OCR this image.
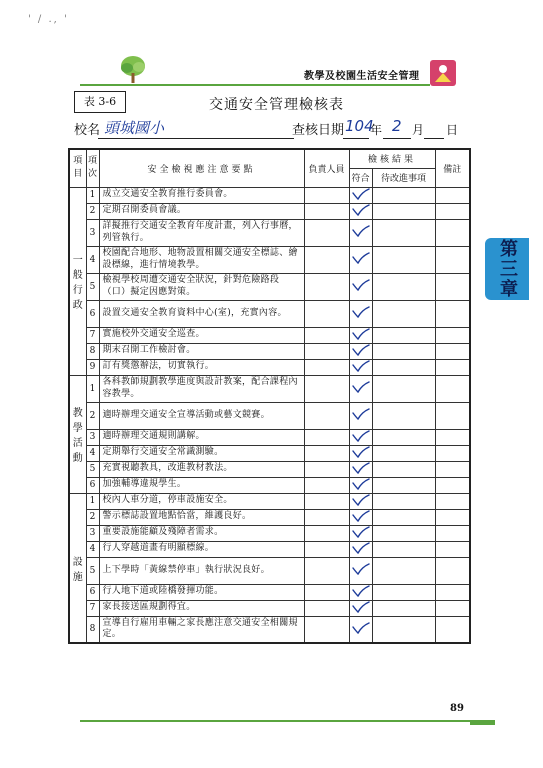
' / ., '
教學及校園生活安全管理
第三章
表 3-6	交通安全管理檢核表
校名 頭城國小	查核日期 104
年 2 月 日
項目	項次	安全檢視應注意要點	負責人員	檢核結果		備註
				符合	待改進事項	

一
般
行
政	1	成立交通安全教育推行委員會。				
	2	定期召開委員會議。				
	3	詳擬推行交通安全教育年度計畫，列入行事曆，列管執行。				
	4	校園配合地形、地物設置相關交通安全標誌、繪設標線，進行情境教學。				
	5	檢視學校周遭交通安全狀況，針對危險路段（口）擬定因應對策。				
	6	設置交通安全教育資料中心(室)，充實內容。				
	7	實施校外交通安全巡查。				
	8	期末召開工作檢討會。				
	9	訂有獎懲辦法，切實執行。				

教
學
活
動	1	各科教師規劃教學進度與設計教案，配合課程內容教學。				
	2	適時辦理交通安全宣導活動或藝文競賽。				
	3	適時辦理交通規則講解。				
	4	定期舉行交通安全常識測驗。				
	5	充實視聽教具，改進教材教法。				
	6	加強輔導違規學生。				

設
施	1	校內人車分道，停車設施安全。				
	2	警示標誌設置地點恰當，維護良好。				
	3	重要設施能顧及殘障者需求。				
	4	行人穿越道畫有明顯標線。				
	5	上下學時「黃線禁停車」執行狀況良好。				
	6	行人地下道或陸橋發揮功能。				
	7	家長接送區規劃得宜。				
	8	宣導自行雇用車輛之家長應注意交通安全相關規定。				
89
